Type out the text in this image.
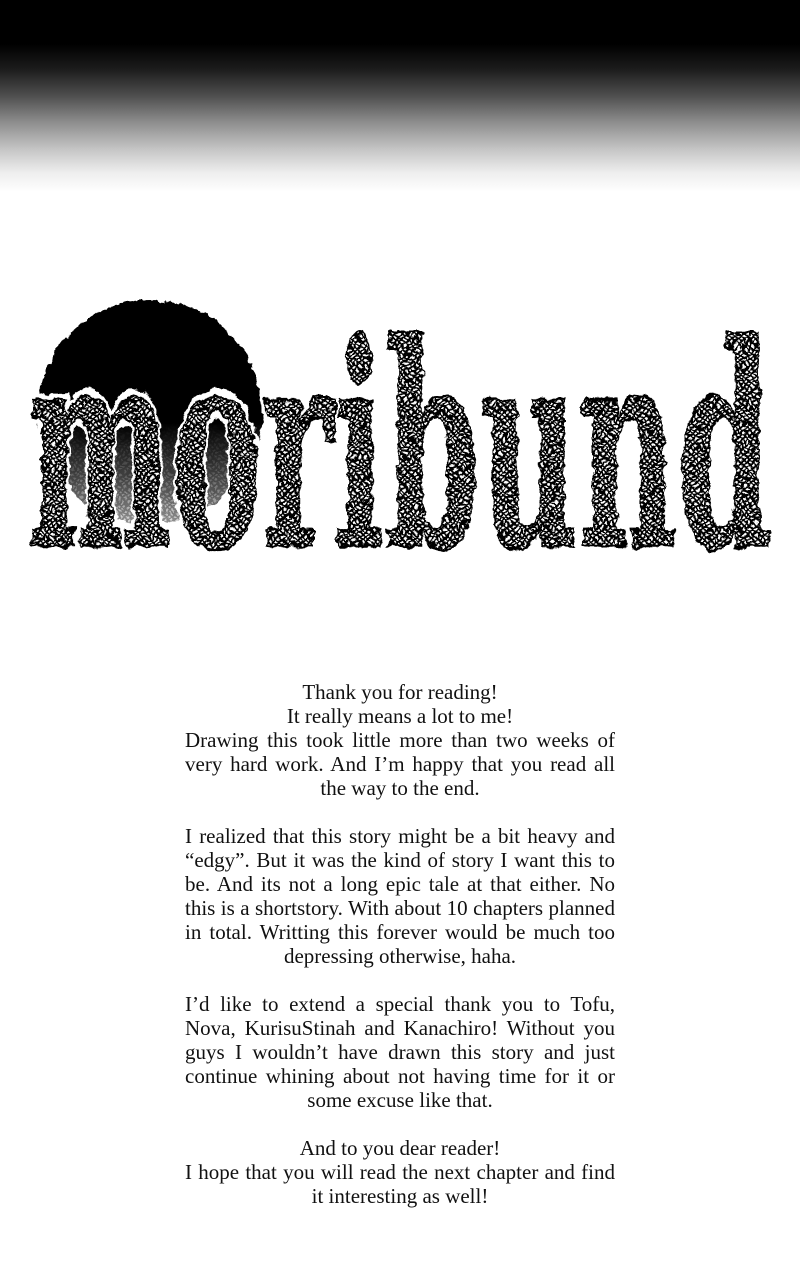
moribund
moribund

Thank you for reading!
It really means a lot to me!
Drawing this took little more than two weeks of very hard work. And I’m happy that you read all the way to the end.

I realized that this story might be a bit heavy and “edgy”. But it was the kind of story I want this to be. And its not a long epic tale at that either. No this is a shortstory. With about 10 chapters planned in total. Writting this forever would be much too depressing otherwise, haha.

I’d like to extend a special thank you to Tofu, Nova, KurisuStinah and Kanachiro! Without you guys I wouldn’t have drawn this story and just continue whining about not having time for it or some excuse like that.

And to you dear reader!
I hope that you will read the next chapter and find it interesting as well!
